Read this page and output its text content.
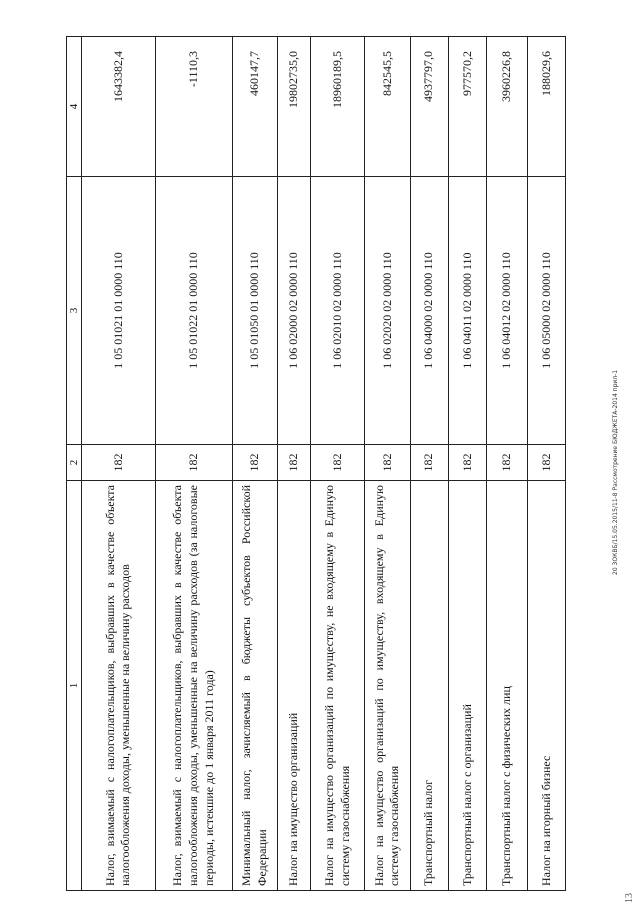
1	2	3	4
Налог, взимаемый с налогоплательщиков, выбравших в качестве объекта налогообложения доходы, уменьшенные на величину расходов	182	1 05 01021 01 0000 110	1643382,4
Налог, взимаемый с налогоплательщиков, выбравших в качестве объекта налогообложения доходы, уменьшенные на величину расходов (за налоговые периоды, истекшие до 1 января 2011 года)	182	1 05 01022 01 0000 110	-1110,3
Минимальный налог, зачисляемый в бюджеты субъектов Российской Федерации	182	1 05 01050 01 0000 110	460147,7
Налог на имущество организаций	182	1 06 02000 02 0000 110	19802735,0
Налог на имущество организаций по имуществу, не входящему в Единую систему газоснабжения	182	1 06 02010 02 0000 110	18960189,5
Налог на имущество организаций по имуществу, входящему в Единую систему газоснабжения	182	1 06 02020 02 0000 110	842545,5
Транспортный налог	182	1 06 04000 02 0000 110	4937797,0
Транспортный налог с организаций	182	1 06 04011 02 0000 110	977570,2
Транспортный налог с физических лиц	182	1 06 04012 02 0000 110	3960226,8
Налог на игорный бизнес	182	1 06 05000 02 0000 110	188029,6
20 ЗОКВБ/15.05.2015/11-8 Рассмотрение БЮДЖЕТА-2014 прил-1
13
